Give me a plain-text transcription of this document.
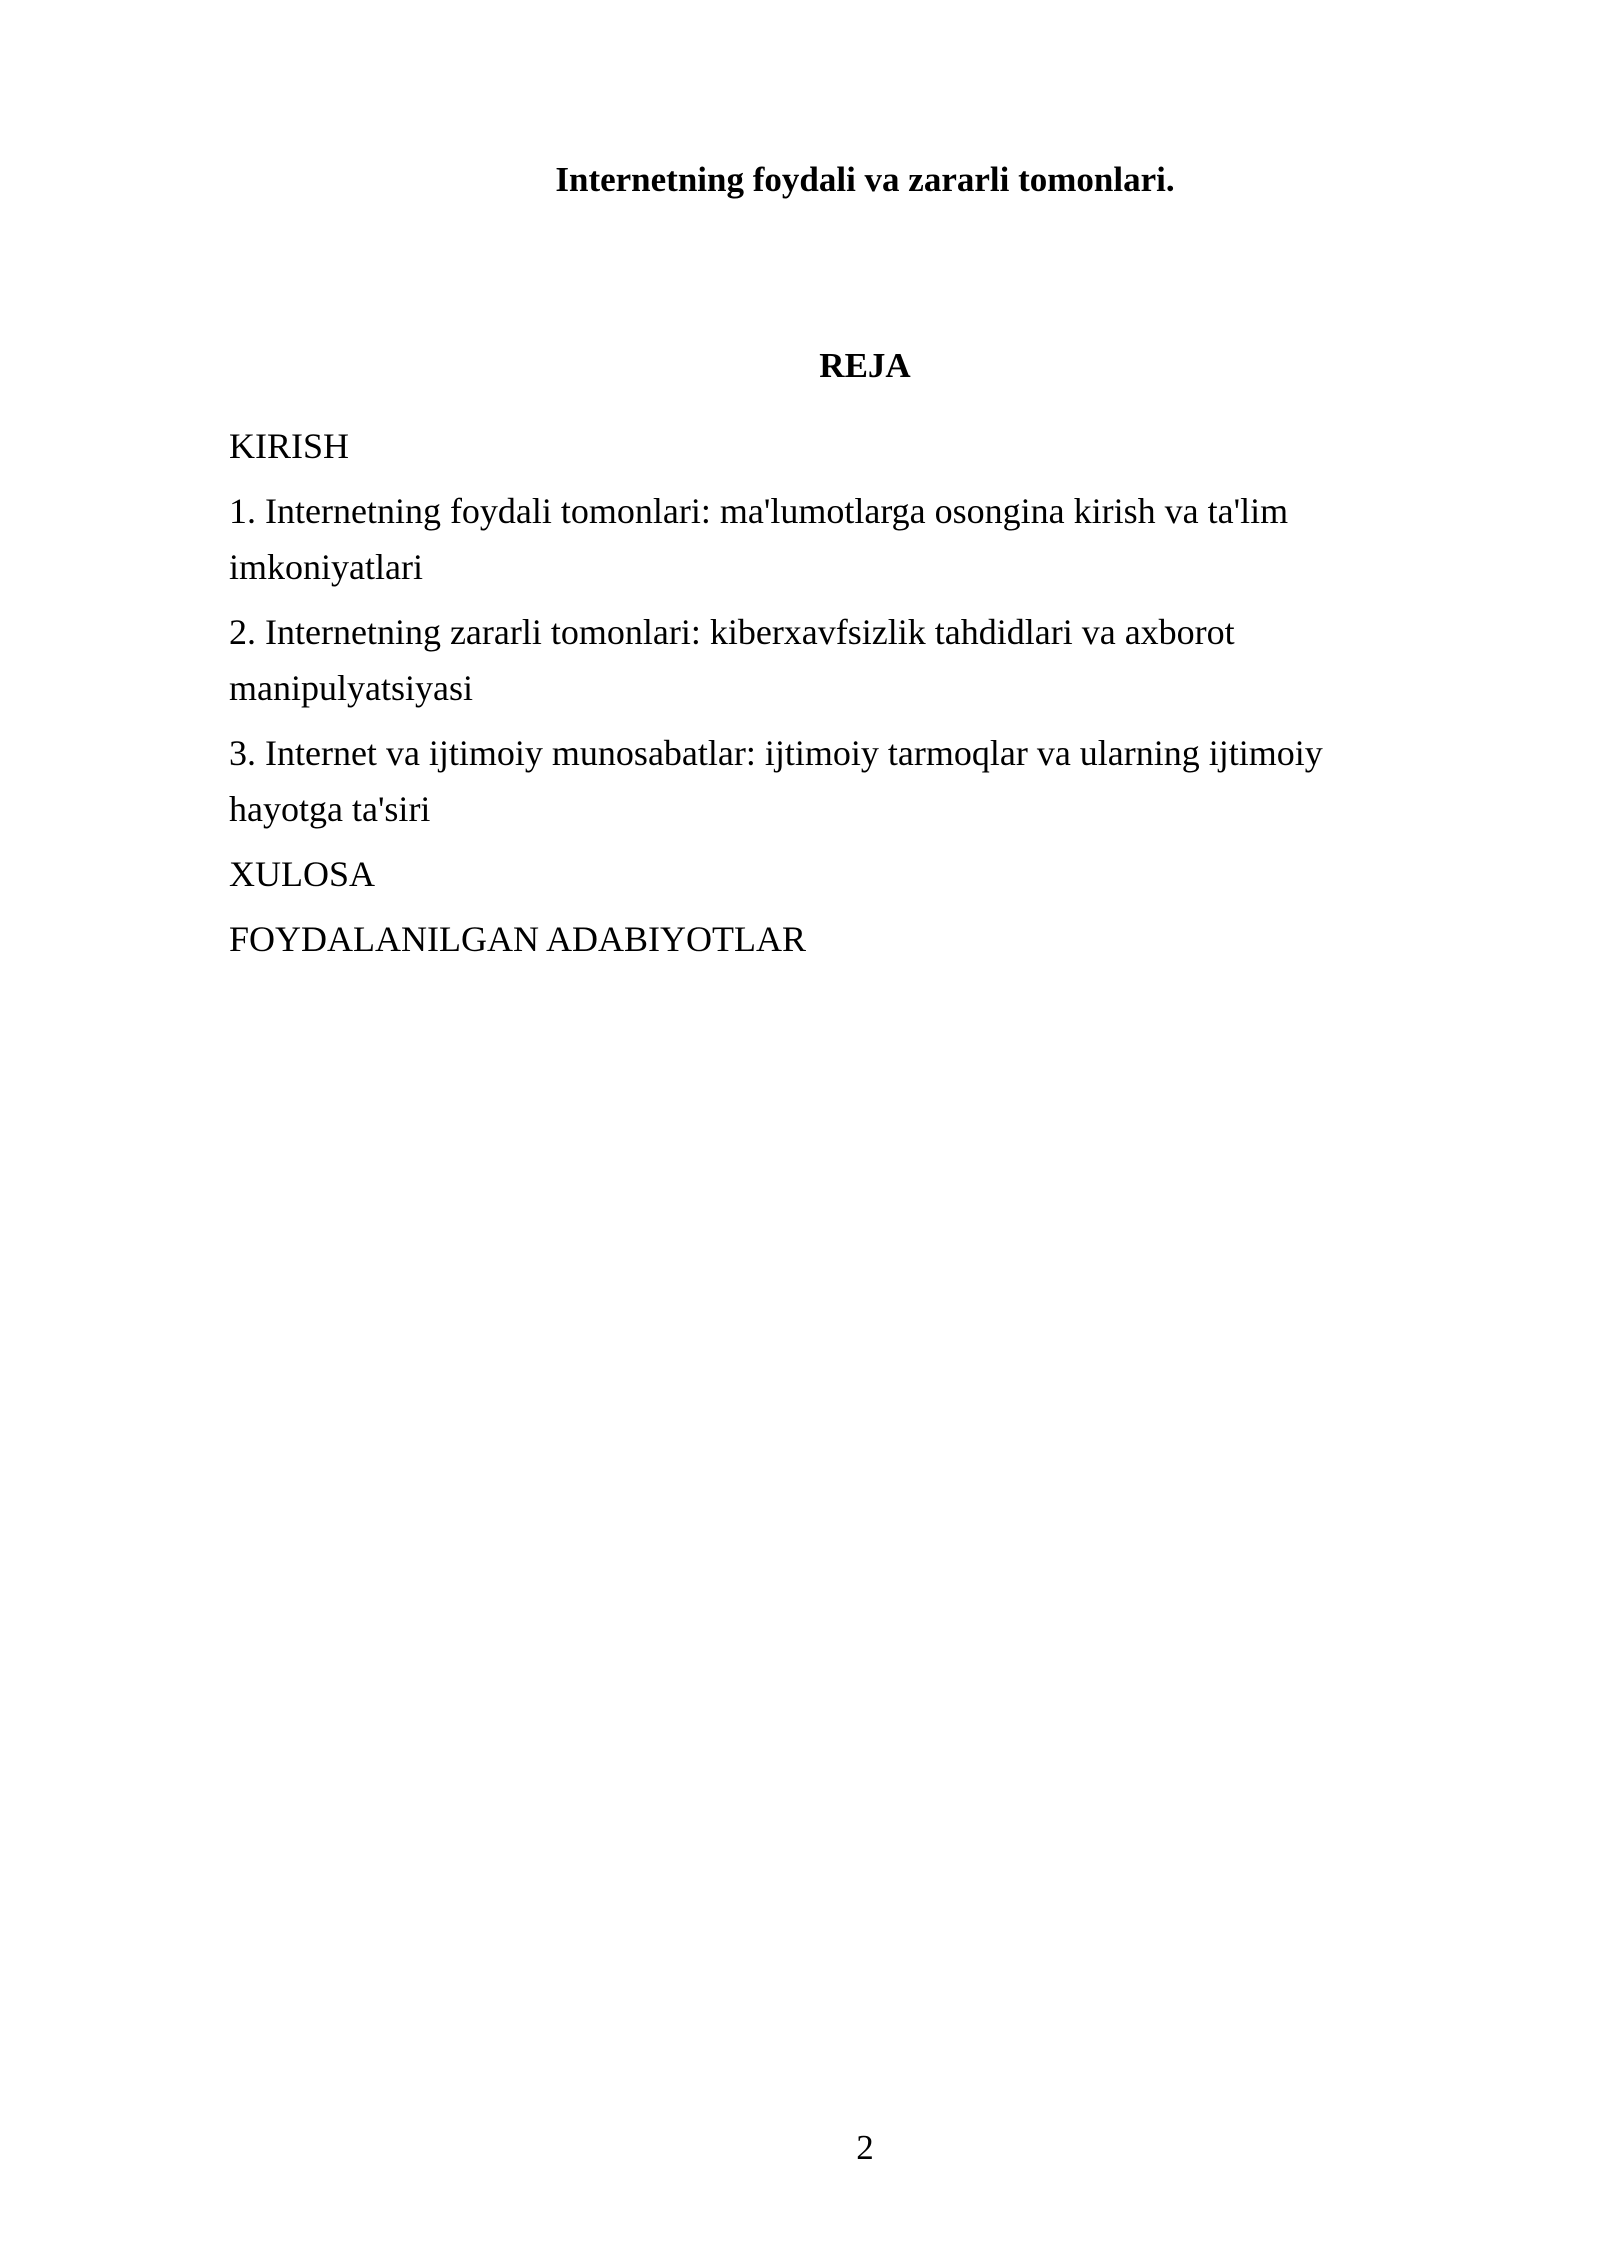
Internetning foydali va zararli tomonlari.
REJA
KIRISH
1. Internetning foydali tomonlari: ma'lumotlarga osongina kirish va ta'lim imkoniyatlari
2. Internetning zararli tomonlari: kiberxavfsizlik tahdidlari va axborot manipulyatsiyasi
3. Internet va ijtimoiy munosabatlar: ijtimoiy tarmoqlar va ularning ijtimoiy hayotga ta'siri
XULOSA
FOYDALANILGAN ADABIYOTLAR
2
